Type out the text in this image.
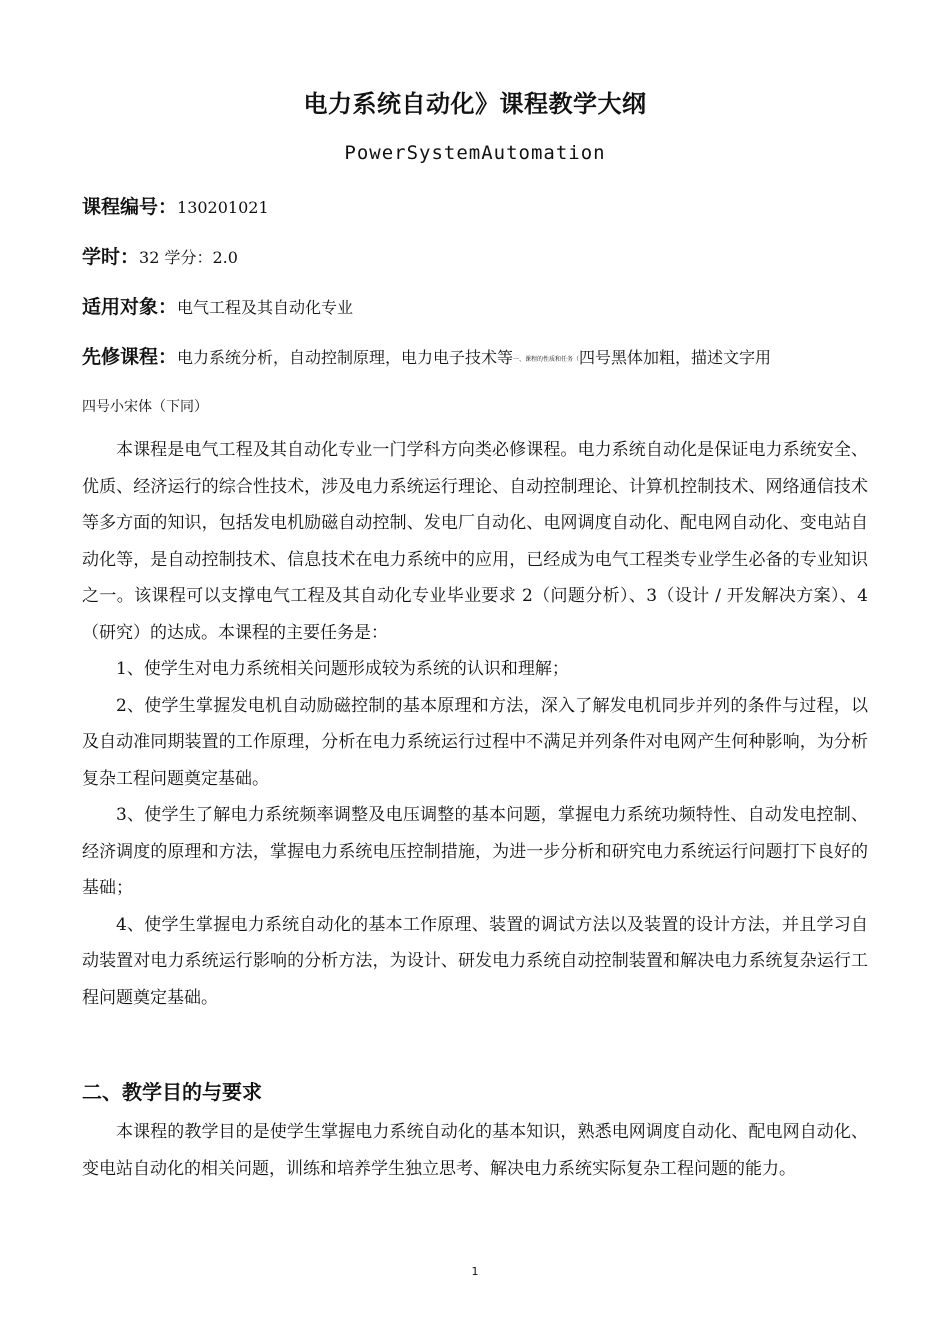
电力系统自动化》课程教学大纲
PowerSystemAutomation
课程编号：130201021
学时：32 学分：2.0
适用对象：电气工程及其自动化专业
先修课程：电力系统分析，自动控制原理，电力电子技术等一、课程的性质和任务（四号黑体加粗，描述文字用
四号小宋体（下同）

本课程是电气工程及其自动化专业一门学科方向类必修课程。电力系统自动化是保证电力系统安全、优质、经济运行的综合性技术，涉及电力系统运行理论、自动控制理论、计算机控制技术、网络通信技术等多方面的知识，包括发电机励磁自动控制、发电厂自动化、电网调度自动化、配电网自动化、变电站自动化等，是自动控制技术、信息技术在电力系统中的应用，已经成为电气工程类专业学生必备的专业知识之一。该课程可以支撑电气工程及其自动化专业毕业要求 2（问题分析）、3（设计 / 开发解决方案）、4（研究）的达成。本课程的主要任务是：

1、使学生对电力系统相关问题形成较为系统的认识和理解；

2、使学生掌握发电机自动励磁控制的基本原理和方法，深入了解发电机同步并列的条件与过程，以及自动准同期装置的工作原理，分析在电力系统运行过程中不满足并列条件对电网产生何种影响，为分析复杂工程问题奠定基础。

3、使学生了解电力系统频率调整及电压调整的基本问题，掌握电力系统功频特性、自动发电控制、经济调度的原理和方法，掌握电力系统电压控制措施，为进一步分析和研究电力系统运行问题打下良好的基础；

4、使学生掌握电力系统自动化的基本工作原理、装置的调试方法以及装置的设计方法，并且学习自动装置对电力系统运行影响的分析方法，为设计、研发电力系统自动控制装置和解决电力系统复杂运行工程问题奠定基础。

二、教学目的与要求

本课程的教学目的是使学生掌握电力系统自动化的基本知识，熟悉电网调度自动化、配电网自动化、变电站自动化的相关问题，训练和培养学生独立思考、解决电力系统实际复杂工程问题的能力。

1
